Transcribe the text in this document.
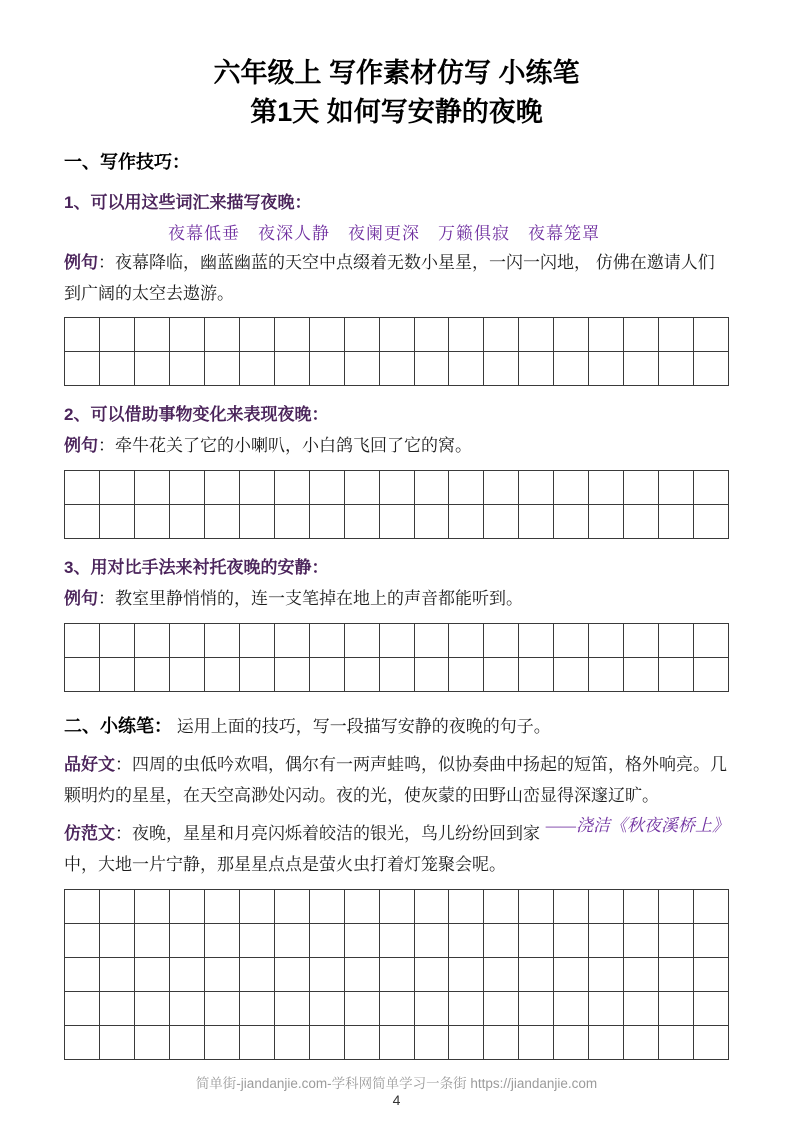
六年级上 写作素材仿写 小练笔
第1天 如何写安静的夜晚
一、写作技巧：
1、可以用这些词汇来描写夜晚：
夜幕低垂　夜深人静　夜阑更深　万籁俱寂　夜幕笼罩
例句：夜幕降临，幽蓝幽蓝的天空中点缀着无数小星星，一闪一闪地， 仿佛在邀请人们到广阔的太空去遨游。
2、可以借助事物变化来表现夜晚：
例句：牵牛花关了它的小喇叭，小白鸽飞回了它的窝。
3、用对比手法来衬托夜晚的安静：
例句：教室里静悄悄的，连一支笔掉在地上的声音都能听到。
二、小练笔： 运用上面的技巧，写一段描写安静的夜晚的句子。
品好文：四周的虫低吟欢唱，偶尔有一两声蛙鸣，似协奏曲中扬起的短笛，格外响亮。几颗明灼的星星，在天空高渺处闪动。夜的光，使灰蒙的田野山峦显得深邃辽旷。
——浇洁《秋夜溪桥上》
仿范文：夜晚，星星和月亮闪烁着皎洁的银光，鸟儿纷纷回到家中，大地一片宁静，那星星点点是萤火虫打着灯笼聚会呢。
简单街-jiandanjie.com-学科网简单学习一条街 https://jiandanjie.com
4
